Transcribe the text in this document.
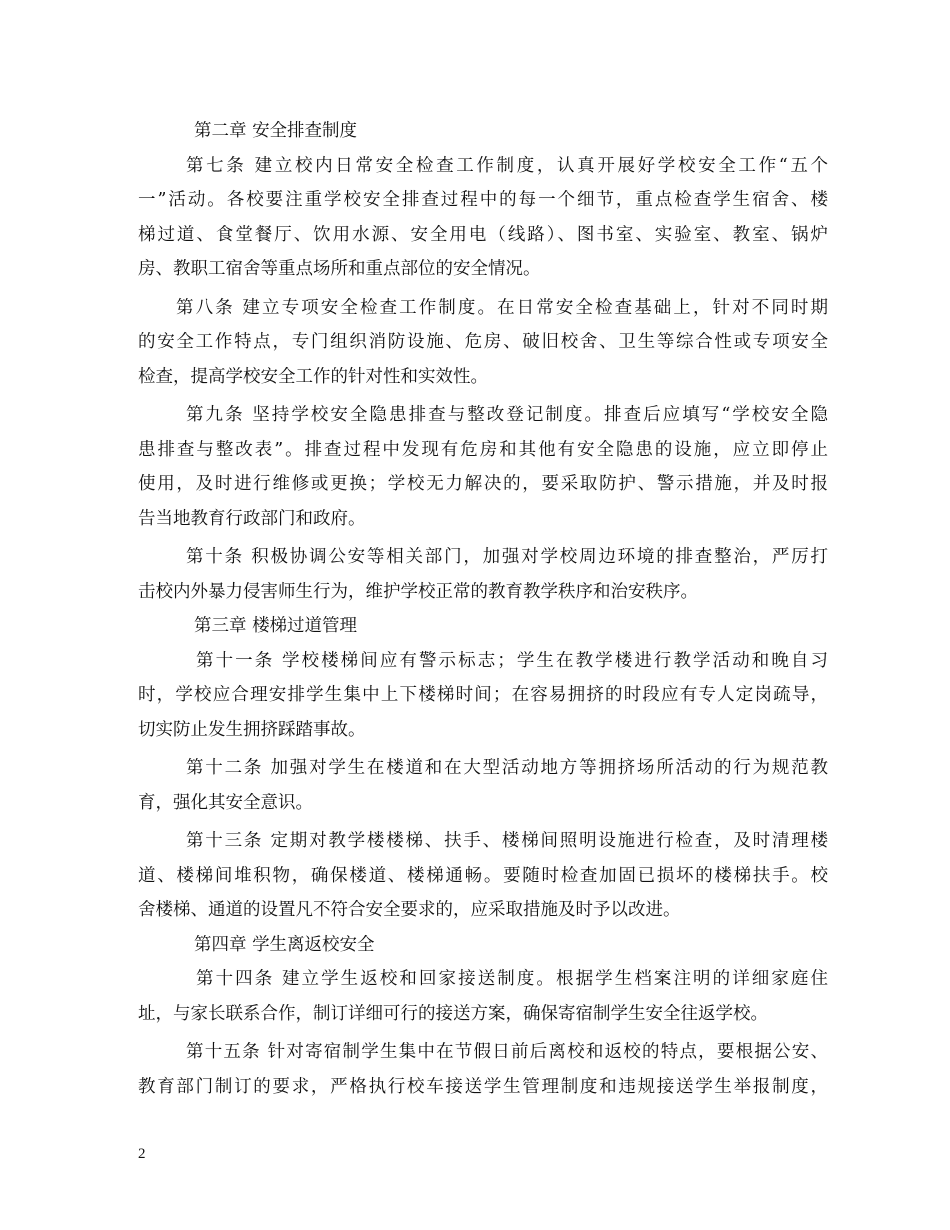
第二章 安全排查制度

第七条 建立校内日常安全检查工作制度，认真开展好学校安全工作“五个

一”活动。各校要注重学校安全排查过程中的每一个细节，重点检查学生宿舍、楼

梯过道、食堂餐厅、饮用水源、安全用电（线路）、图书室、实验室、教室、锅炉

房、教职工宿舍等重点场所和重点部位的安全情况。

第八条 建立专项安全检查工作制度。在日常安全检查基础上，针对不同时期

的安全工作特点，专门组织消防设施、危房、破旧校舍、卫生等综合性或专项安全

检查，提高学校安全工作的针对性和实效性。

第九条 坚持学校安全隐患排查与整改登记制度。排查后应填写“学校安全隐

患排查与整改表”。排查过程中发现有危房和其他有安全隐患的设施，应立即停止

使用，及时进行维修或更换；学校无力解决的，要采取防护、警示措施，并及时报

告当地教育行政部门和政府。

第十条 积极协调公安等相关部门，加强对学校周边环境的排查整治，严厉打

击校内外暴力侵害师生行为，维护学校正常的教育教学秩序和治安秩序。

第三章 楼梯过道管理

第十一条 学校楼梯间应有警示标志；学生在教学楼进行教学活动和晚自习

时，学校应合理安排学生集中上下楼梯时间；在容易拥挤的时段应有专人定岗疏导，

切实防止发生拥挤踩踏事故。

第十二条 加强对学生在楼道和在大型活动地方等拥挤场所活动的行为规范教

育，强化其安全意识。

第十三条 定期对教学楼楼梯、扶手、楼梯间照明设施进行检查，及时清理楼

道、楼梯间堆积物，确保楼道、楼梯通畅。要随时检查加固已损坏的楼梯扶手。校

舍楼梯、通道的设置凡不符合安全要求的，应采取措施及时予以改进。

第四章 学生离返校安全

第十四条 建立学生返校和回家接送制度。根据学生档案注明的详细家庭住

址，与家长联系合作，制订详细可行的接送方案，确保寄宿制学生安全往返学校。

第十五条 针对寄宿制学生集中在节假日前后离校和返校的特点，要根据公安、

教育部门制订的要求，严格执行校车接送学生管理制度和违规接送学生举报制度，

2
